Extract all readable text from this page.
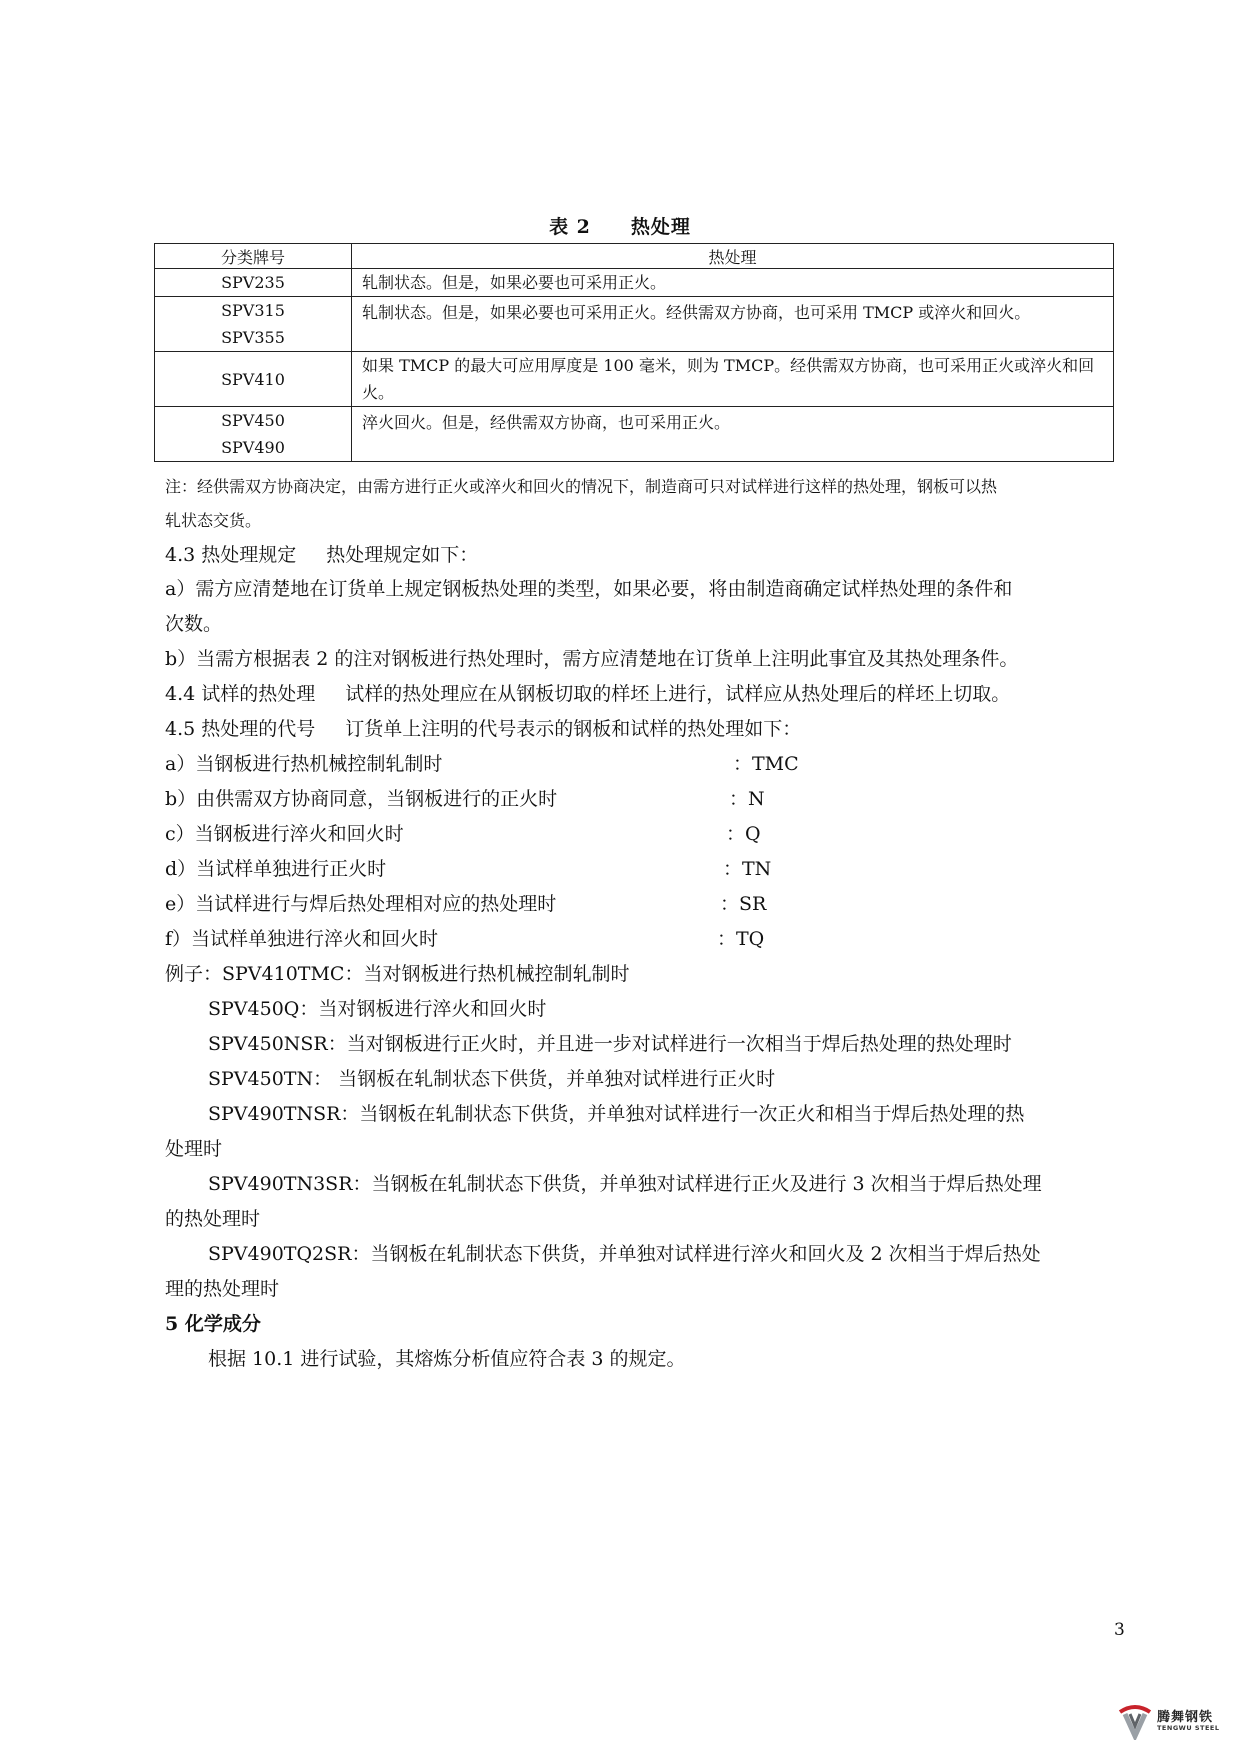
表 2 热处理
分类牌号	热处理

SPV235	轧制状态。但是，如果必要也可采用正火。

SPV315
SPV355	轧制状态。但是，如果必要也可采用正火。经供需双方协商，也可采用 TMCP 或淬火和回火。

SPV410	如果 TMCP 的最大可应用厚度是 100 毫米，则为 TMCP。经供需双方协商，也可采用正火或淬火和回火。

SPV450
SPV490	淬火回火。但是，经供需双方协商，也可采用正火。
注：经供需双方协商决定，由需方进行正火或淬火和回火的情况下，制造商可只对试样进行这样的热处理，钢板可以热
轧状态交货。
4.3 热处理规定 热处理规定如下：
a）需方应清楚地在订货单上规定钢板热处理的类型，如果必要，将由制造商确定试样热处理的条件和
次数。
b）当需方根据表 2 的注对钢板进行热处理时，需方应清楚地在订货单上注明此事宜及其热处理条件。
4.4 试样的热处理 试样的热处理应在从钢板切取的样坯上进行，试样应从热处理后的样坯上切取。
4.5 热处理的代号 订货单上注明的代号表示的钢板和试样的热处理如下：
a）当钢板进行热机械控制轧制时	：TMC
b）由供需双方协商同意，当钢板进行的正火时	：N
c）当钢板进行淬火和回火时	：Q
d）当试样单独进行正火时	：TN
e）当试样进行与焊后热处理相对应的热处理时	：SR
f）当试样单独进行淬火和回火时	：TQ
例子：SPV410TMC：当对钢板进行热机械控制轧制时
SPV450Q：当对钢板进行淬火和回火时
SPV450NSR：当对钢板进行正火时，并且进一步对试样进行一次相当于焊后热处理的热处理时
SPV450TN： 当钢板在轧制状态下供货，并单独对试样进行正火时
SPV490TNSR：当钢板在轧制状态下供货，并单独对试样进行一次正火和相当于焊后热处理的热
处理时
SPV490TN3SR：当钢板在轧制状态下供货，并单独对试样进行正火及进行 3 次相当于焊后热处理
的热处理时
SPV490TQ2SR：当钢板在轧制状态下供货，并单独对试样进行淬火和回火及 2 次相当于焊后热处
理的热处理时
5 化学成分
根据 10.1 进行试验，其熔炼分析值应符合表 3 的规定。
3
腾舞钢铁
TENGWU STEEL
